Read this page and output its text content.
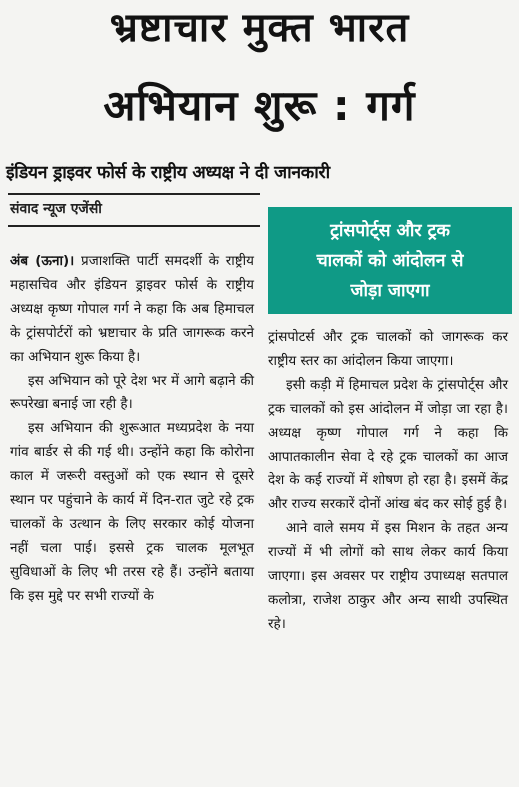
भ्रष्टाचार मुक्त भारत
अभियान शुरू : गर्ग
इंडियन ड्राइवर फोर्स के राष्ट्रीय अध्यक्ष ने दी जानकारी
संवाद न्यूज एजेंसी
ट्रांसपोर्ट्स और ट्रक
चालकों को आंदोलन से
जोड़ा जाएगा

अंब (ऊना)। प्रजाशक्ति पार्टी समदर्शी के राष्ट्रीय महासचिव और इंडियन ड्राइवर फोर्स के राष्ट्रीय अध्यक्ष कृष्ण गोपाल गर्ग ने कहा कि अब हिमाचल के ट्रांसपोर्टरों को भ्रष्टाचार के प्रति जागरूक करने का अभियान शुरू किया है।

इस अभियान को पूरे देश भर में आगे बढ़ाने की रूपरेखा बनाई जा रही है।

इस अभियान की शुरूआत मध्यप्रदेश के नया गांव बार्डर से की गई थी। उन्होंने कहा कि कोरोना काल में जरूरी वस्तुओं को एक स्थान से दूसरे स्थान पर पहुंचाने के कार्य में दिन-रात जुटे रहे ट्रक चालकों के उत्थान के लिए सरकार कोई योजना नहीं चला पाई। इससे ट्रक चालक मूलभूत सुविधाओं के लिए भी तरस रहे हैं। उन्होंने बताया कि इस मुद्दे पर सभी राज्यों के

ट्रांसपोटर्स और ट्रक चालकों को जागरूक कर राष्ट्रीय स्तर का आंदोलन किया जाएगा।

इसी कड़ी में हिमाचल प्रदेश के ट्रांसपोर्ट्स और ट्रक चालकों को इस आंदोलन में जोड़ा जा रहा है। अध्यक्ष कृष्ण गोपाल गर्ग ने कहा कि आपातकालीन सेवा दे रहे ट्रक चालकों का आज देश के कई राज्यों में शोषण हो रहा है। इसमें केंद्र और राज्य सरकारें दोनों आंख बंद कर सोई हुई है।

आने वाले समय में इस मिशन के तहत अन्य राज्यों में भी लोगों को साथ लेकर कार्य किया जाएगा। इस अवसर पर राष्ट्रीय उपाध्यक्ष सतपाल कलोत्रा, राजेश ठाकुर और अन्य साथी उपस्थित रहे।
